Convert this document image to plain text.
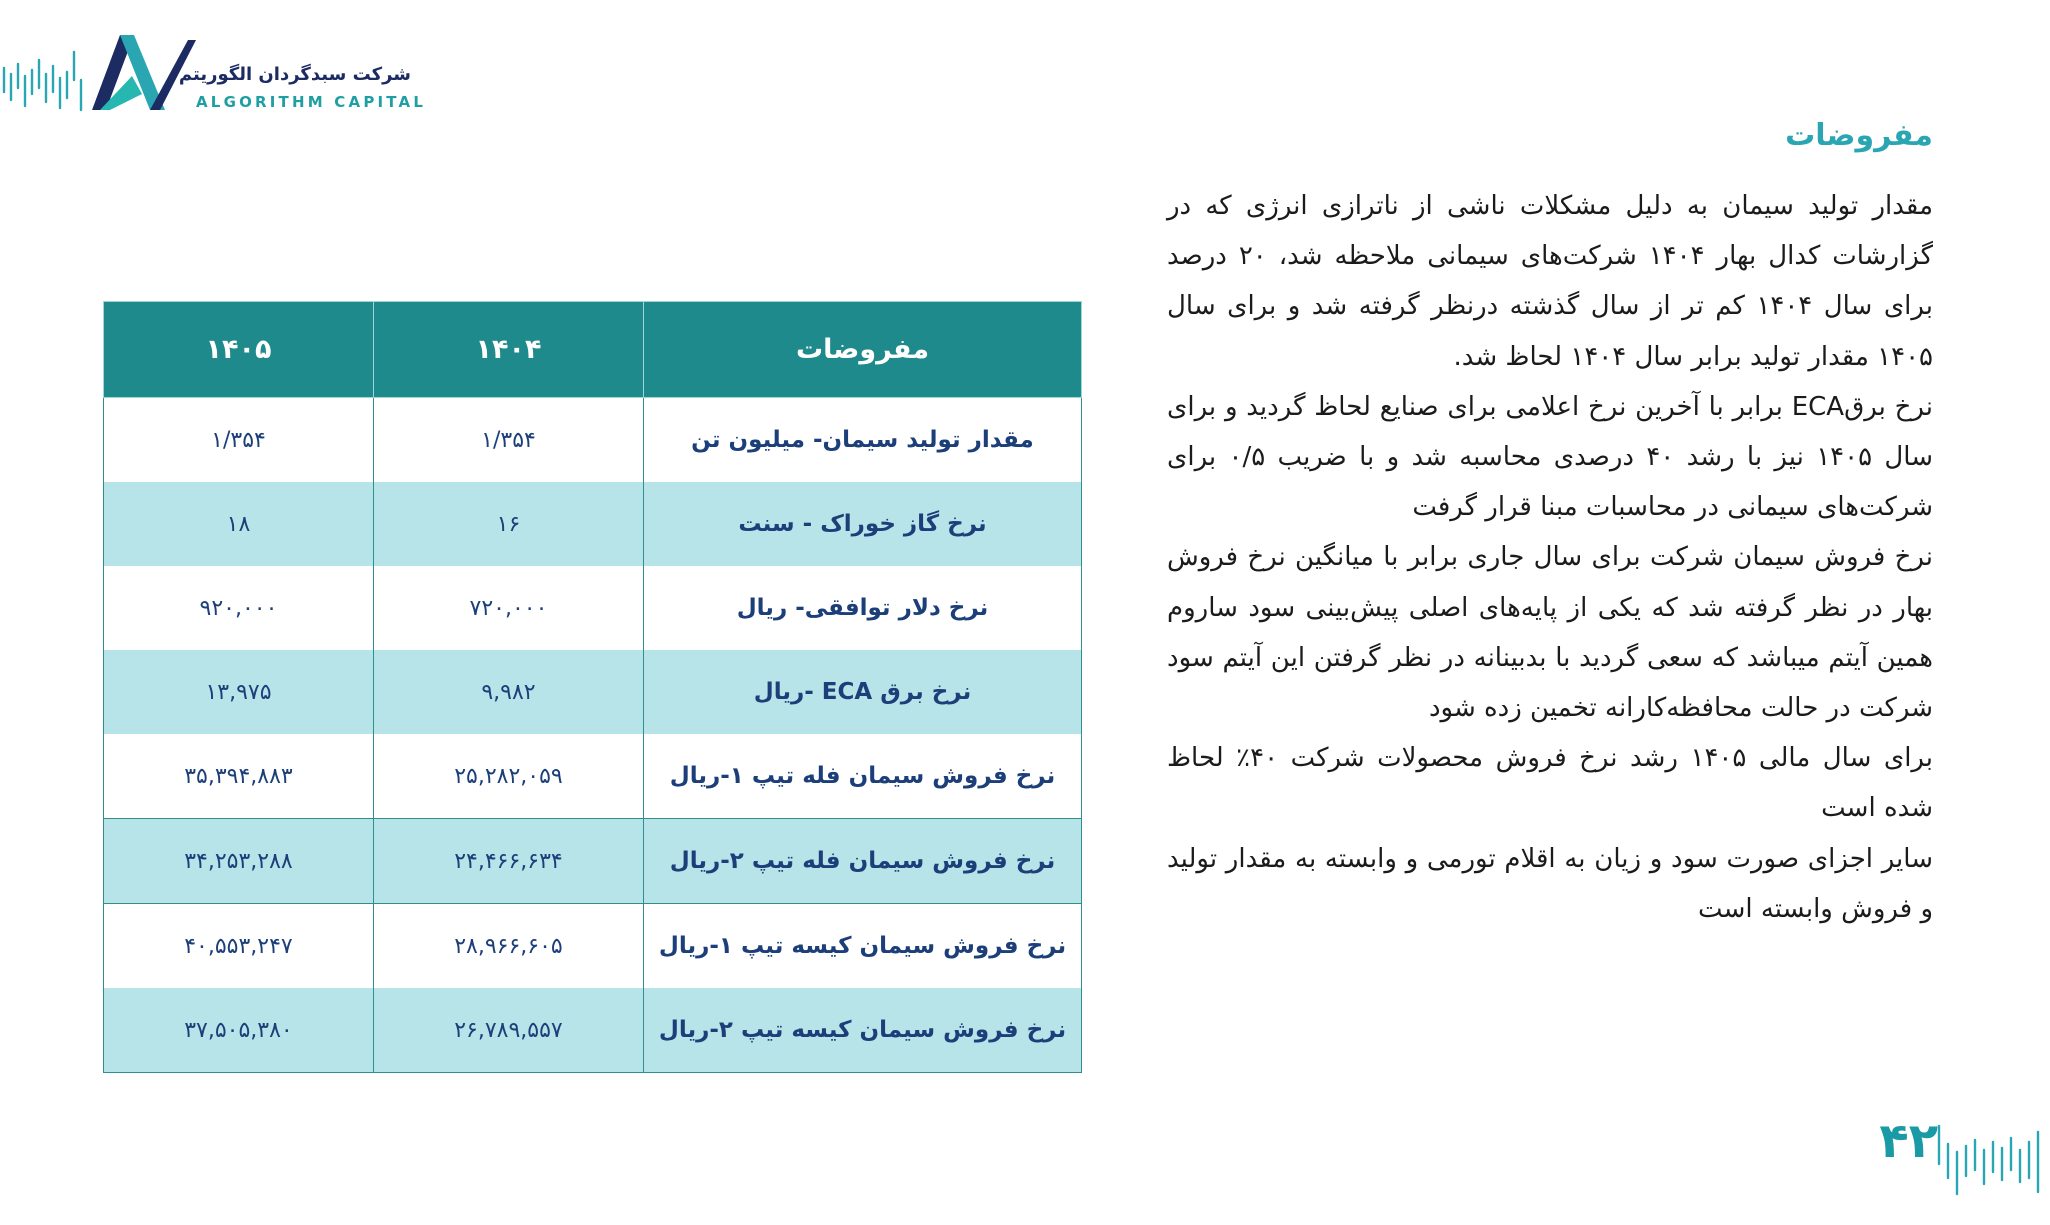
شرکت سبدگردان الگوریتم
ALGORITHM CAPITAL
۱۴۰۵	۱۴۰۴	مفروضات
۱/۳۵۴	۱/۳۵۴	مقدار تولید سیمان- میلیون تن
۱۸	۱۶	نرخ گاز خوراک - سنت
۹۲۰,۰۰۰	۷۲۰,۰۰۰	نرخ دلار توافقی- ریال
۱۳,۹۷۵	۹,۹۸۲	نرخ برق ECA -ریال
۳۵,۳۹۴,۸۸۳	۲۵,۲۸۲,۰۵۹	نرخ فروش سیمان فله تیپ ۱-ریال
۳۴,۲۵۳,۲۸۸	۲۴,۴۶۶,۶۳۴	نرخ فروش سیمان فله تیپ ۲-ریال
۴۰,۵۵۳,۲۴۷	۲۸,۹۶۶,۶۰۵	نرخ فروش سیمان کیسه تیپ ۱-ریال
۳۷,۵۰۵,۳۸۰	۲۶,۷۸۹,۵۵۷	نرخ فروش سیمان کیسه تیپ ۲-ریال
مفروضات

مقدار تولید سیمان به دلیل مشکلات ناشی از ناترازی انرژی که در گزارشات کدال بهار ۱۴۰۴ شرکت‌های سیمانی ملاحظه شد، ۲۰ درصد برای سال ۱۴۰۴ کم تر از سال گذشته درنظر گرفته شد و برای سال ۱۴۰۵ مقدار تولید برابر سال ۱۴۰۴ لحاظ شد.

نرخ برقECA برابر با آخرین نرخ اعلامی برای صنایع لحاظ گردید و برای سال ۱۴۰۵ نیز با رشد ۴۰ درصدی محاسبه شد و با ضریب ۰/۵ برای شرکت‌های سیمانی در محاسبات مبنا قرار گرفت

نرخ فروش سیمان شرکت برای سال جاری برابر با میانگین نرخ فروش بهار در نظر گرفته شد که یکی از پایه‌های اصلی پیش‌بینی سود ساروم همین آیتم میباشد که سعی گردید با بدبینانه در نظر گرفتن این آیتم سود شرکت در حالت محافظه‌کارانه تخمین زده شود

برای سال مالی ۱۴۰۵ رشد نرخ فروش محصولات شرکت ۴۰٪ لحاظ شده است

سایر اجزای صورت سود و زیان به اقلام تورمی و وابسته به مقدار تولید و فروش وابسته است

۴۲
